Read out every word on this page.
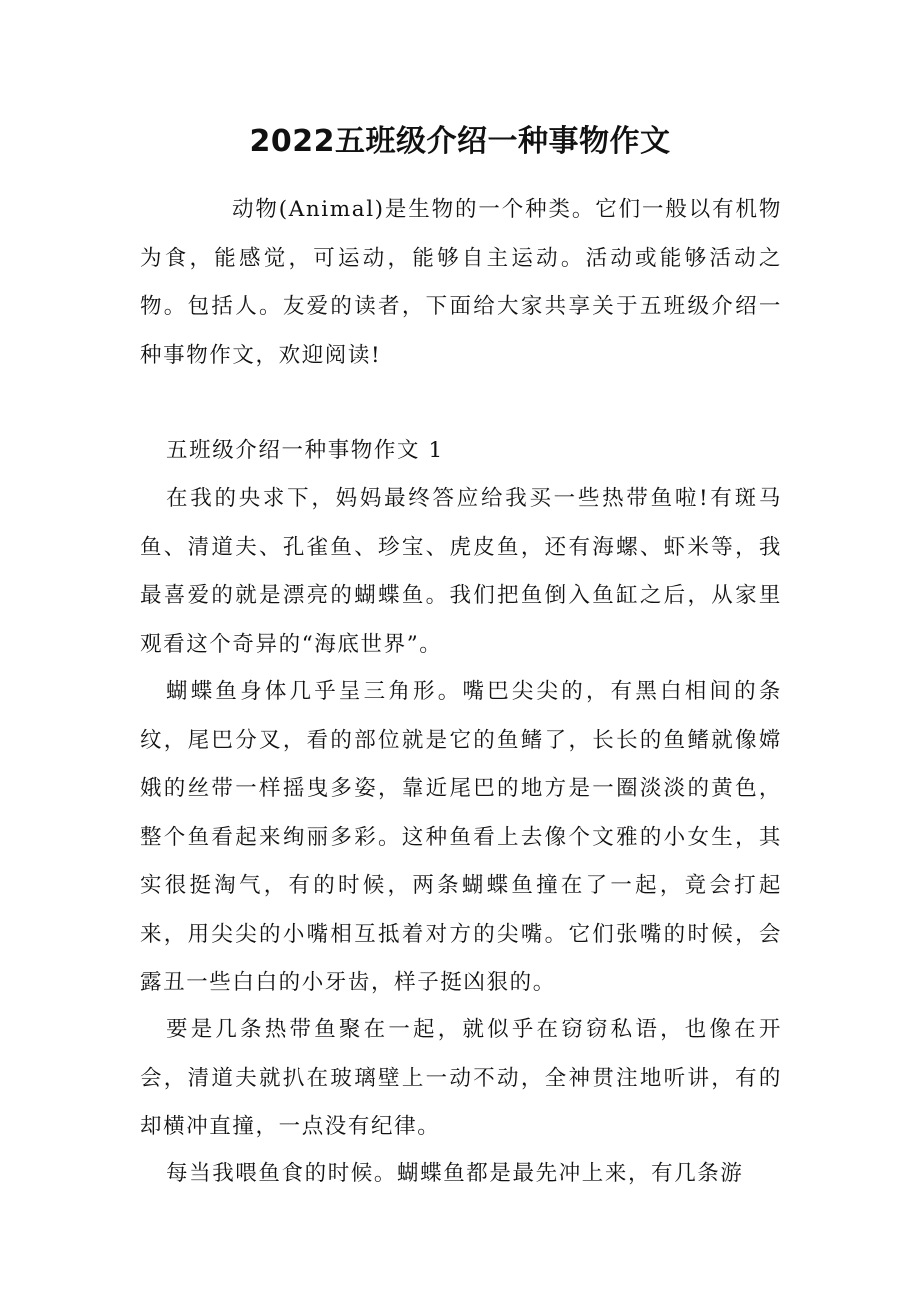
2022五班级介绍一种事物作文

动物(Animal)是生物的一个种类。它们一般以有机物为食，能感觉，可运动，能够自主运动。活动或能够活动之物。包括人。友爱的读者，下面给大家共享关于五班级介绍一种事物作文，欢迎阅读!

五班级介绍一种事物作文 1

在我的央求下，妈妈最终答应给我买一些热带鱼啦!有斑马鱼、清道夫、孔雀鱼、珍宝、虎皮鱼，还有海螺、虾米等，我最喜爱的就是漂亮的蝴蝶鱼。我们把鱼倒入鱼缸之后，从家里观看这个奇异的“海底世界”。

蝴蝶鱼身体几乎呈三角形。嘴巴尖尖的，有黑白相间的条纹，尾巴分叉，看的部位就是它的鱼鳍了，长长的鱼鳍就像嫦娥的丝带一样摇曳多姿，靠近尾巴的地方是一圈淡淡的黄色，整个鱼看起来绚丽多彩。这种鱼看上去像个文雅的小女生，其实很挺淘气，有的时候，两条蝴蝶鱼撞在了一起，竟会打起来，用尖尖的小嘴相互抵着对方的尖嘴。它们张嘴的时候，会露丑一些白白的小牙齿，样子挺凶狠的。

要是几条热带鱼聚在一起，就似乎在窃窃私语，也像在开会，清道夫就扒在玻璃壁上一动不动，全神贯注地听讲，有的却横冲直撞，一点没有纪律。

每当我喂鱼食的时候。蝴蝶鱼都是最先冲上来，有几条游
